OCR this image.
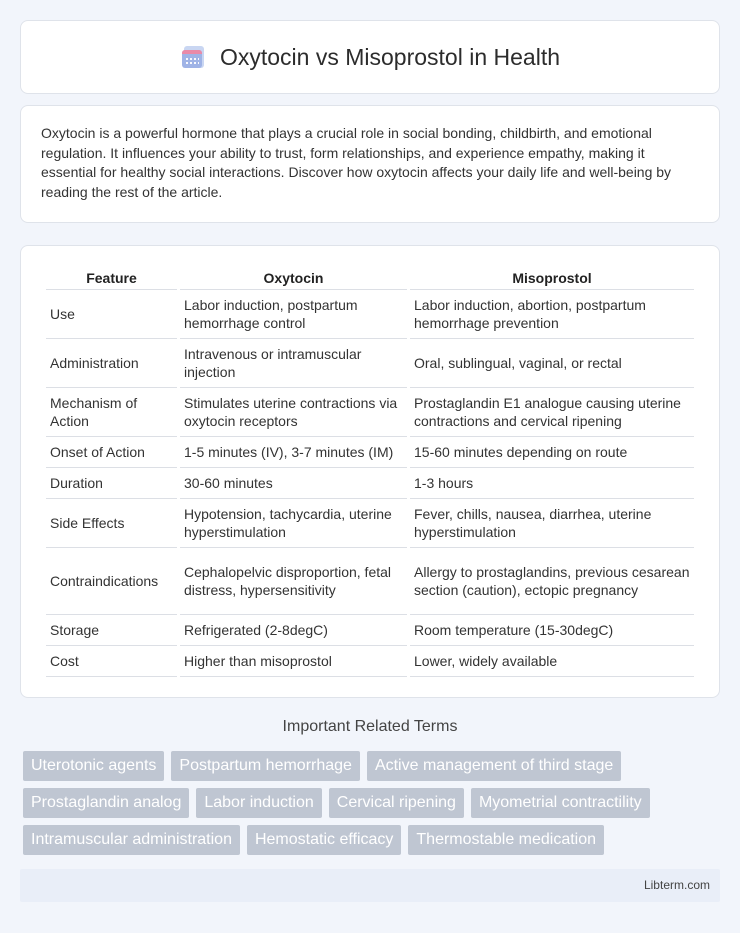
Oxytocin vs Misoprostol in Health

Oxytocin is a powerful hormone that plays a crucial role in social bonding, childbirth, and emotional regulation. It influences your ability to trust, form relationships, and experience empathy, making it essential for healthy social interactions. Discover how oxytocin affects your daily life and well-being by reading the rest of the article.

Feature	Oxytocin	Misoprostol
Use	Labor induction, postpartum hemorrhage control	Labor induction, abortion, postpartum hemorrhage prevention
Administration	Intravenous or intramuscular injection	Oral, sublingual, vaginal, or rectal
Mechanism of Action	Stimulates uterine contractions via oxytocin receptors	Prostaglandin E1 analogue causing uterine contractions and cervical ripening
Onset of Action	1-5 minutes (IV), 3-7 minutes (IM)	15-60 minutes depending on route
Duration	30-60 minutes	1-3 hours
Side Effects	Hypotension, tachycardia, uterine hyperstimulation	Fever, chills, nausea, diarrhea, uterine hyperstimulation
Contraindications	Cephalopelvic disproportion, fetal distress, hypersensitivity	Allergy to prostaglandins, previous cesarean section (caution), ectopic pregnancy
Storage	Refrigerated (2-8degC)	Room temperature (15-30degC)
Cost	Higher than misoprostol	Lower, widely available
Important Related Terms
Uterotonic agents	Postpartum hemorrhage	Active management of third stage
Prostaglandin analog	Labor induction	Cervical ripening	Myometrial contractility
Intramuscular administration	Hemostatic efficacy	Thermostable medication
Libterm.com
